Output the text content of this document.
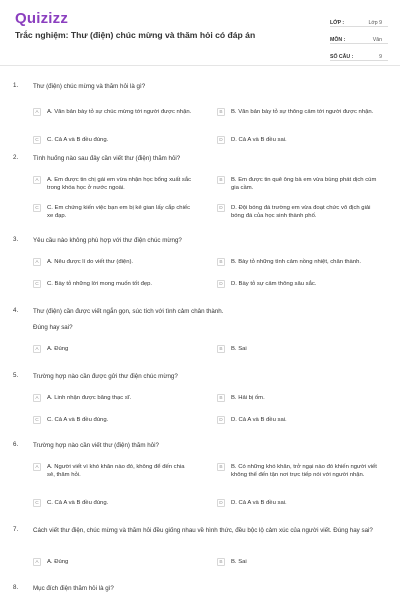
Quizizz
Trắc nghiệm: Thư (điện) chúc mừng và thăm hỏi có đáp án
LỚP :	Lớp 9
MÔN :	Văn
SỐ CÂU :	9
1. Thư (điện) chúc mừng và thăm hỏi là gì?
A	A. Văn bản bày tỏ sự chúc mừng tới người được nhận.	B	B. Văn bản bày tỏ sự thông cảm tới người được nhận.
C	C. Cả A và B đều đúng.	D	D. Cả A và B đều sai.
2. Tình huống nào sau đây cần viết thư (điện) thăm hỏi?
A	A. Em được tin chị gái em vừa nhận học bổng xuất sắc trong khóa học ở nước ngoài.
B	B. Em được tin quê ông bà em vừa bùng phát dịch cúm gia cầm.
C	C. Em chứng kiến việc bạn em bị kẻ gian lấy cắp chiếc xe đạp.
D	D. Đội bóng đá trường em vừa đoạt chức vô địch giải bóng đá của học sinh thành phố.
3. Yêu cầu nào không phù hợp với thư điện chúc mừng?
A	A. Nêu được lí do viết thư (điện).	B	B. Bày tỏ những tình cảm nồng nhiệt, chân thành.
C	C. Bày tỏ những lời mong muốn tốt đẹp.	D	D. Bày tỏ sự cảm thông sâu sắc.
4. Thư (điện) cần được viết ngắn gọn, súc tích với tình cảm chân thành.
Đúng hay sai?
A	A. Đúng	B	B. Sai
5. Trường hợp nào cần được gửi thư điện chúc mừng?
A	A. Linh nhận được băng thạc sĩ.	B	B. Hải bị ốm.
C	C. Cả A và B đều đúng.	D	D. Cả A và B đều sai.
6. Trường hợp nào cần viết thư (điện) thăm hỏi?
A	A. Người viết vì khó khăn nào đó, không để đến chia sẻ, thăm hỏi.
B	B. Có những khó khăn, trở ngại nào đó khiến người viết không thể đến tận nơi trực tiếp nói với người nhận.
C	C. Cả A và B đều đúng.	D	D. Cả A và B đều sai.
7. Cách viết thư điện, chúc mừng và thăm hỏi đều giống nhau về hình thức, đều bộc lộ cảm xúc của người viết. Đúng hay sai?
A	A. Đúng	B	B. Sai
8. Mục đích điện thăm hỏi là gì?
